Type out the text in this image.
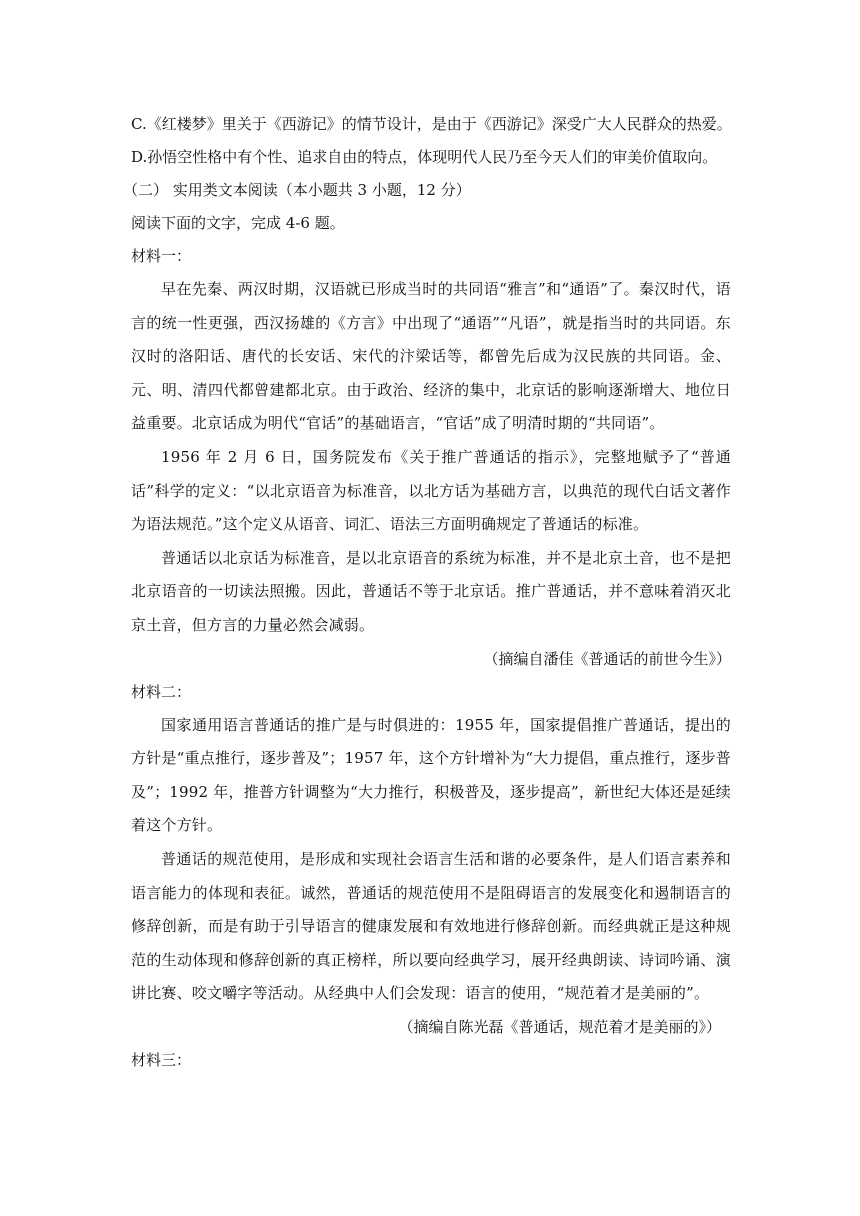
C.《红楼梦》里关于《西游记》的情节设计，是由于《西游记》深受广大人民群众的热爱。

D.孙悟空性格中有个性、追求自由的特点，体现明代人民乃至今天人们的审美价值取向。

（二） 实用类文本阅读（本小题共 3 小题，12 分）

阅读下面的文字，完成 4-6 题。

材料一：

早在先秦、两汉时期，汉语就已形成当时的共同语“雅言”和“通语”了。秦汉时代，语言的统一性更强，西汉扬雄的《方言》中出现了“通语”“凡语”，就是指当时的共同语。东汉时的洛阳话、唐代的长安话、宋代的汴梁话等，都曾先后成为汉民族的共同语。金、元、明、清四代都曾建都北京。由于政治、经济的集中，北京话的影响逐渐增大、地位日益重要。北京话成为明代“官话”的基础语言，“官话”成了明清时期的“共同语”。

1956 年 2 月 6 日，国务院发布《关于推广普通话的指示》，完整地赋予了“普通话”科学的定义：“以北京语音为标准音，以北方话为基础方言，以典范的现代白话文著作为语法规范。”这个定义从语音、词汇、语法三方面明确规定了普通话的标准。

普通话以北京话为标准音，是以北京语音的系统为标准，并不是北京土音，也不是把北京语音的一切读法照搬。因此，普通话不等于北京话。推广普通话，并不意味着消灭北京土音，但方言的力量必然会减弱。

（摘编自潘佳《普通话的前世今生》）

材料二：

国家通用语言普通话的推广是与时俱进的：1955 年，国家提倡推广普通话，提出的方针是“重点推行，逐步普及”；1957 年，这个方针增补为“大力提倡，重点推行，逐步普及”；1992 年，推普方针调整为“大力推行，积极普及，逐步提高”，新世纪大体还是延续着这个方针。

普通话的规范使用，是形成和实现社会语言生活和谐的必要条件，是人们语言素养和语言能力的体现和表征。诚然，普通话的规范使用不是阻碍语言的发展变化和遏制语言的修辞创新，而是有助于引导语言的健康发展和有效地进行修辞创新。而经典就正是这种规范的生动体现和修辞创新的真正榜样，所以要向经典学习，展开经典朗读、诗词吟诵、演讲比赛、咬文嚼字等活动。从经典中人们会发现：语言的使用，“规范着才是美丽的”。

（摘编自陈光磊《普通话，规范着才是美丽的》）

材料三：
